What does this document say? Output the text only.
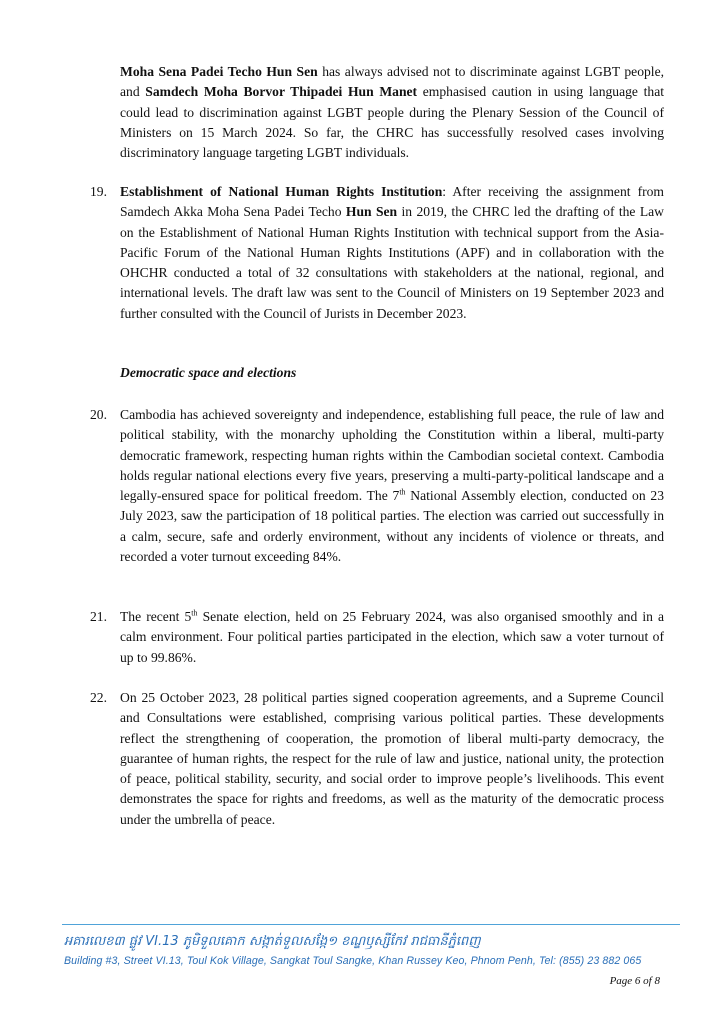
Moha Sena Padei Techo Hun Sen has always advised not to discriminate against LGBT people, and Samdech Moha Borvor Thipadei Hun Manet emphasised caution in using language that could lead to discrimination against LGBT people during the Plenary Session of the Council of Ministers on 15 March 2024. So far, the CHRC has successfully resolved cases involving discriminatory language targeting LGBT individuals.

19. Establishment of National Human Rights Institution: After receiving the assignment from Samdech Akka Moha Sena Padei Techo Hun Sen in 2019, the CHRC led the drafting of the Law on the Establishment of National Human Rights Institution with technical support from the Asia-Pacific Forum of the National Human Rights Institutions (APF) and in collaboration with the OHCHR conducted a total of 32 consultations with stakeholders at the national, regional, and international levels. The draft law was sent to the Council of Ministers on 19 September 2023 and further consulted with the Council of Jurists in December 2023.

Democratic space and elections

20. Cambodia has achieved sovereignty and independence, establishing full peace, the rule of law and political stability, with the monarchy upholding the Constitution within a liberal, multi-party democratic framework, respecting human rights within the Cambodian societal context. Cambodia holds regular national elections every five years, preserving a multi-party-political landscape and a legally-ensured space for political freedom. The 7th National Assembly election, conducted on 23 July 2023, saw the participation of 18 political parties. The election was carried out successfully in a calm, secure, safe and orderly environment, without any incidents of violence or threats, and recorded a voter turnout exceeding 84%.
21. The recent 5th Senate election, held on 25 February 2024, was also organised smoothly and in a calm environment. Four political parties participated in the election, which saw a voter turnout of up to 99.86%.
22. On 25 October 2023, 28 political parties signed cooperation agreements, and a Supreme Council and Consultations were established, comprising various political parties. These developments reflect the strengthening of cooperation, the promotion of liberal multi-party democracy, the guarantee of human rights, the respect for the rule of law and justice, national unity, the protection of peace, political stability, security, and social order to improve people’s livelihoods. This event demonstrates the space for rights and freedoms, as well as the maturity of the democratic process under the umbrella of peace.
អគារលេខ៣ ផ្លូវ VI.13 ភូមិទួលគោក សង្កាត់ទួលសង្កែ១ ខណ្ឌឫស្សីកែវ រាជធានីភ្នំពេញ
Building #3, Street VI.13, Toul Kok Village, Sangkat Toul Sangke, Khan Russey Keo, Phnom Penh, Tel: (855) 23 882 065
Page 6 of 8
